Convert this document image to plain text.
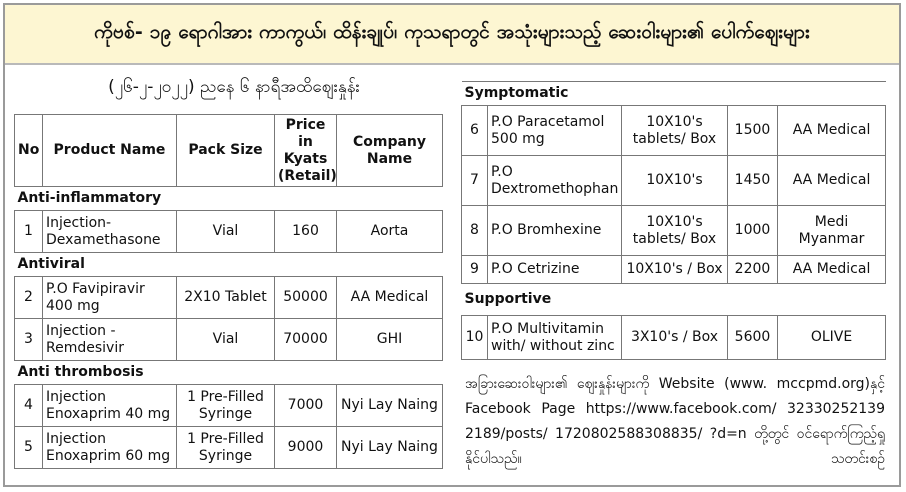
ကိုဗစ်- ၁၉ ရောဂါအား ကာကွယ်၊ ထိန်းချုပ်၊ ကုသရာတွင် အသုံးများသည့် ဆေးဝါးများ၏ ပေါက်ဈေးများ
(၂၆-၂-၂၀၂၂) ညနေ ၆ နာရီအထိဈေးနှုန်း
No	Product Name	Pack Size	Price in Kyats (Retail)	Company Name
Anti-inflammatory				
1	Injection- Dexamethasone	Vial	160	Aorta
Antiviral				
2	P.O Favipiravir 400 mg	2X10 Tablet	50000	AA Medical
3	Injection - Remdesivir	Vial	70000	GHI
Anti thrombosis				
4	Injection Enoxaprim 40 mg	1 Pre-Filled Syringe	7000	Nyi Lay Naing
5	Injection Enoxaprim 60 mg	1 Pre-Filled Syringe	9000	Nyi Lay Naing
Symptomatic				
6	P.O Paracetamol 500 mg	10X10's tablets/ Box	1500	AA Medical
7	P.O Dextromethophan	10X10's	1450	AA Medical
8	P.O Bromhexine	10X10's tablets/ Box	1000	Medi Myanmar
9	P.O Cetrizine	10X10's / Box	2200	AA Medical
Supportive				
10	P.O Multivitamin with/ without zinc	3X10's / Box	5600	OLIVE
အခြားဆေးဝါးများ၏ ဈေးနှုန်းများကို Website (www. mccpmd.org)နှင့် Facebook Page https://www.facebook.com/ 32330252139 2189/posts/ 1720802588308835/ ?d=n တို့တွင် ဝင်ရောက်ကြည့်ရှုနိုင်ပါသည်။	သတင်းစဉ်
